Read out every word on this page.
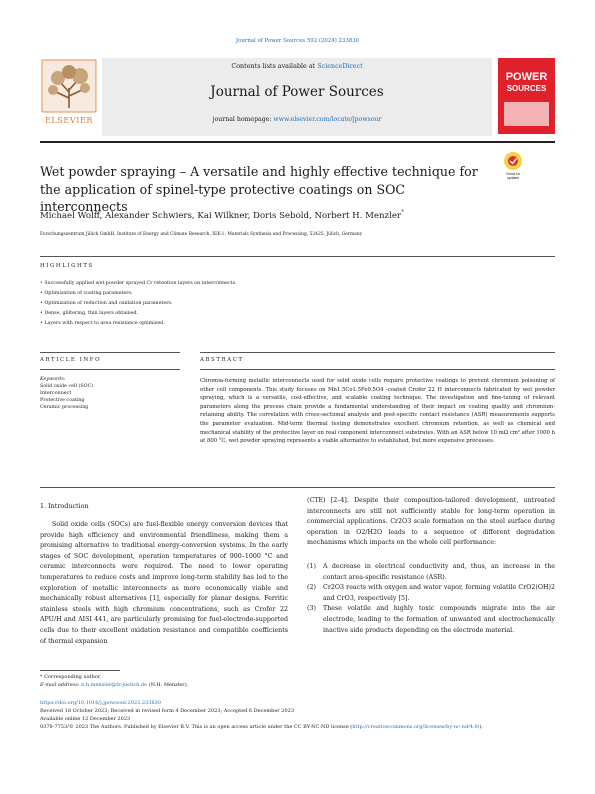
Journal of Power Sources 592 (2024) 233830
ELSEVIER
Contents lists available at ScienceDirect
Journal of Power Sources
journal homepage: www.elsevier.com/locate/jpowsour
POWER
SOURCES
Check for updates
Wet powder spraying – A versatile and highly effective technique for the application of spinel-type protective coatings on SOC interconnects
Michael Wolff, Alexander Schwiers, Kai Wilkner, Doris Sebold, Norbert H. Menzler*
Forschungszentrum Jülich GmbH, Institute of Energy and Climate Research, IEK-1: Materials Synthesis and Processing, 52425, Jülich, Germany
HIGHLIGHTS
• Successfully applied wet powder sprayed Cr retention layers on interconnects.
• Optimization of coating parameters.
• Optimization of reduction and oxidation parameters.
• Dense, gliltering, thin layers obtained.
• Layers with respect to area resistance optimized.
ARTICLE INFO	ABSTRACT
Keywords:
Solid oxide cell (SOC)
Interconnect
Protective coating
Ceramic processing
Chromia-forming metallic interconnects used for solid oxide cells require protective coatings to prevent chromium poisoning of other cell components. This study focuses on Mn1.5Co1.5Fe0.5O4 -coated Crofer 22 H interconnects fabricated by wet powder spraying, which is a versatile, cost-effective, and scalable coating technique. The investigation and fine-tuning of relevant parameters along the process chain provide a fundamental understanding of their impact on coating quality and chromium-retaining ability. The correlation with cross-sectional analysis and post-specific contact resistance (ASR) measurements supports the parameter evaluation. Mid-term thermal testing demonstrates excellent chromium retention, as well as chemical and mechanical stability of the protective layer on real component interconnect substrates. With an ASR below 10 mΩ cm² after 1000 h at 800 °C, wet powder spraying represents a viable alternative to established, but more expensive processes.
1. Introduction
Solid oxide cells (SOCs) are fuel-flexible energy conversion devices that provide high efficiency and environmental friendliness, making them a promising alternative to traditional energy-conversion systems. In the early stages of SOC development, operation temperatures of 900–1000 °C and ceramic interconnects were required. The need to lower operating temperatures to reduce costs and improve long-term stability has led to the exploration of metallic interconnects as more economically viable and mechanically robust alternatives [1], especially for planar designs. Ferritic stainless steels with high chromium concentrations, such as Crofer 22 APU/H and AISI 441, are particularly promising for fuel-electrode-supported cells due to their excellent oxidation resistance and compatible coefficients of thermal expansion
(CTE) [2–4]. Despite their composition-tailored development, untreated interconnects are still not sufficiently stable for long-term operation in commercial applications. Cr2O3 scale formation on the steel surface during operation in O2/H2O leads to a sequence of different degradation mechanisms which impacts on the whole cell performance:
(1)	A decrease in electrical conductivity and, thus, an increase in the contact area-specific resistance (ASR).
(2)	Cr2O3 reacts with oxygen and water vapor, forming volatile CrO2(OH)2 and CrO3, respectively [5].
(3)	These volatile and highly toxic compounds migrate into the air electrode, leading to the formation of unwanted and electrochemically inactive side products depending on the electrode material.
* Corresponding author.
E-mail address: n.h.menzler@fz-juelich.de (N.H. Menzler).
https://doi.org/10.1016/j.jpowsour.2023.233830
Received 18 October 2023; Received in revised form 4 December 2023; Accepted 6 December 2023
Available online 12 December 2023
0378-7753/© 2023 The Authors. Published by Elsevier B.V. This is an open access article under the CC BY-NC-ND license (http://creativecommons.org/licenses/by-nc-nd/4.0/).
